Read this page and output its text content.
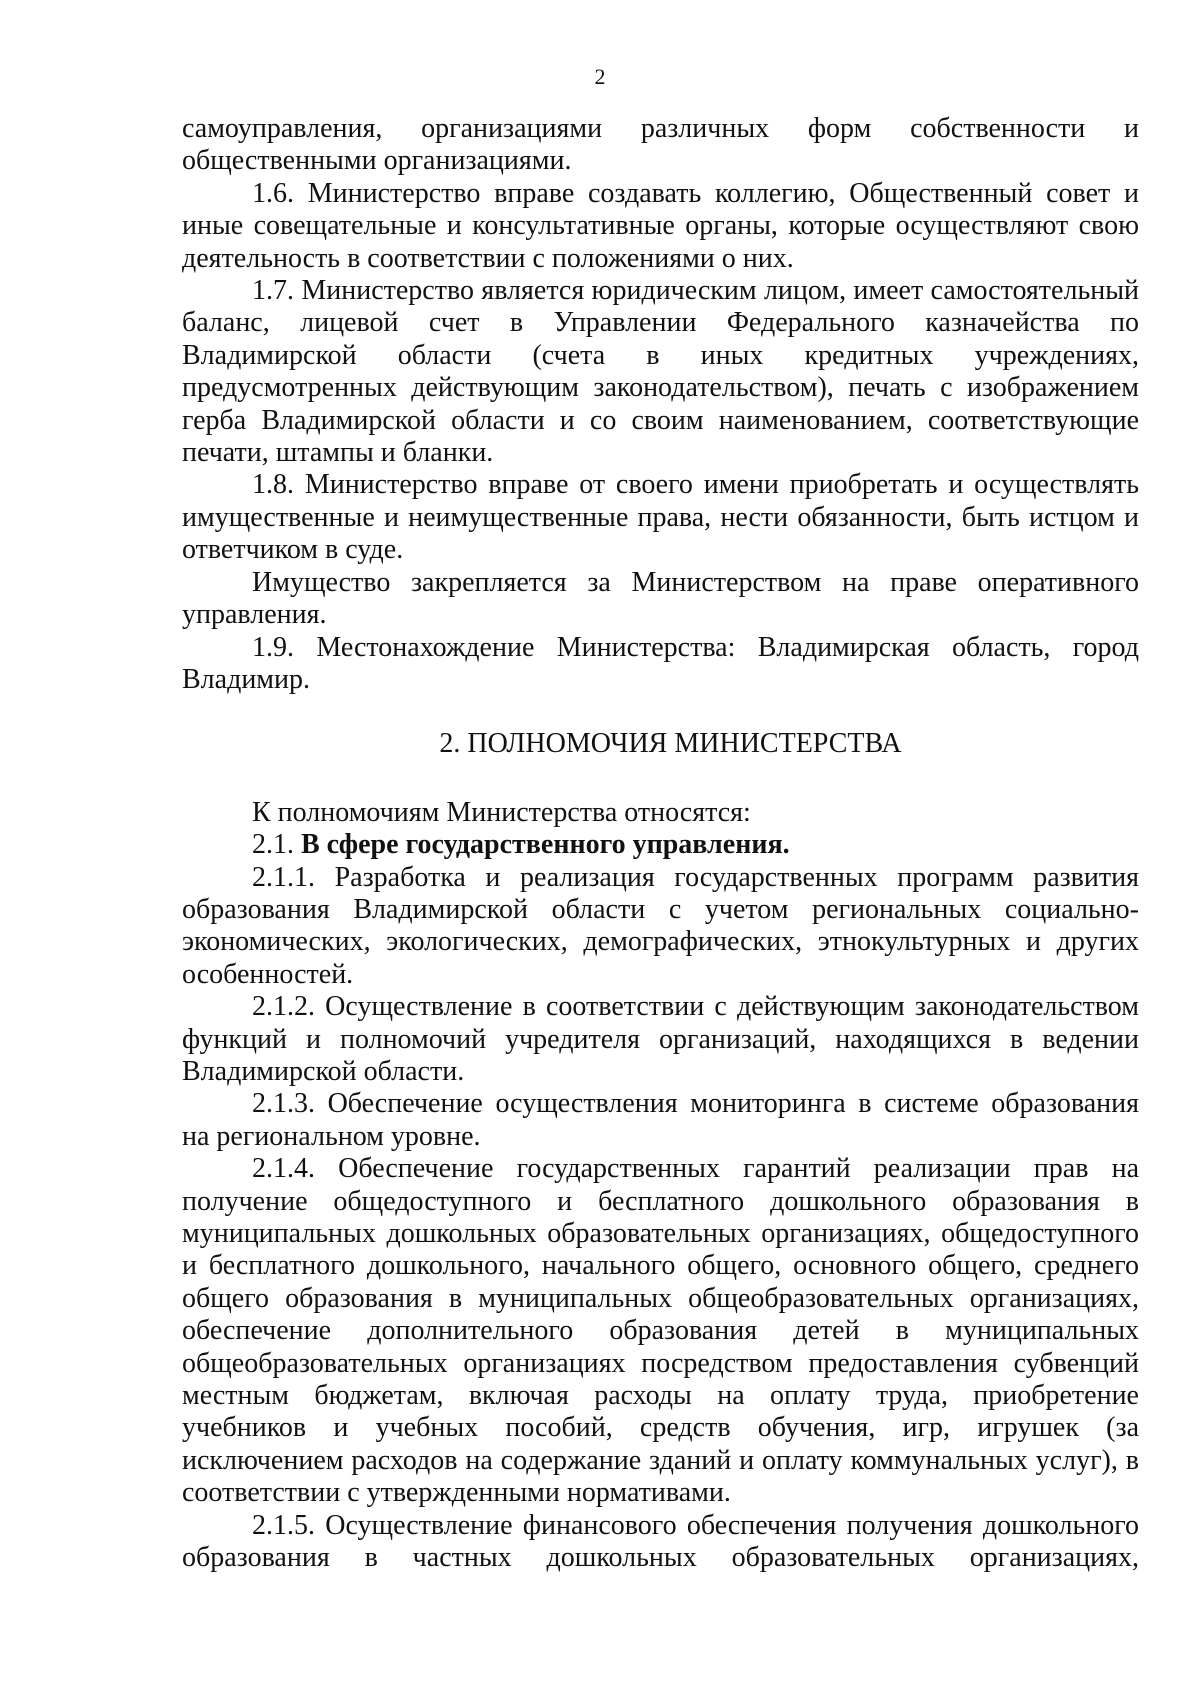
2

самоуправления, организациями различных форм собственности и общественными организациями.

1.6. Министерство вправе создавать коллегию, Общественный совет и иные совещательные и консультативные органы, которые осуществляют свою деятельность в соответствии с положениями о них.

1.7. Министерство является юридическим лицом, имеет самостоятельный баланс, лицевой счет в Управлении Федерального казначейства по Владимирской области (счета в иных кредитных учреждениях, предусмотренных действующим законодательством), печать с изображением герба Владимирской области и со своим наименованием, соответствующие печати, штампы и бланки.

1.8. Министерство вправе от своего имени приобретать и осуществлять имущественные и неимущественные права, нести обязанности, быть истцом и ответчиком в суде.

Имущество закрепляется за Министерством на праве оперативного управления.

1.9. Местонахождение Министерства: Владимирская область, город Владимир.

2. ПОЛНОМОЧИЯ МИНИСТЕРСТВА

К полномочиям Министерства относятся:

2.1. В сфере государственного управления.

2.1.1. Разработка и реализация государственных программ развития образования Владимирской области с учетом региональных социально-экономических, экологических, демографических, этнокультурных и других особенностей.

2.1.2. Осуществление в соответствии с действующим законодательством функций и полномочий учредителя организаций, находящихся в ведении Владимирской области.

2.1.3. Обеспечение осуществления мониторинга в системе образования на региональном уровне.

2.1.4. Обеспечение государственных гарантий реализации прав на получение общедоступного и бесплатного дошкольного образования в муниципальных дошкольных образовательных организациях, общедоступного и бесплатного дошкольного, начального общего, основного общего, среднего общего образования в муниципальных общеобразовательных организациях, обеспечение дополнительного образования детей в муниципальных общеобразовательных организациях посредством предоставления субвенций местным бюджетам, включая расходы на оплату труда, приобретение учебников и учебных пособий, средств обучения, игр, игрушек (за исключением расходов на содержание зданий и оплату коммунальных услуг), в соответствии с утвержденными нормативами.

2.1.5. Осуществление финансового обеспечения получения дошкольного образования в частных дошкольных образовательных организациях,
